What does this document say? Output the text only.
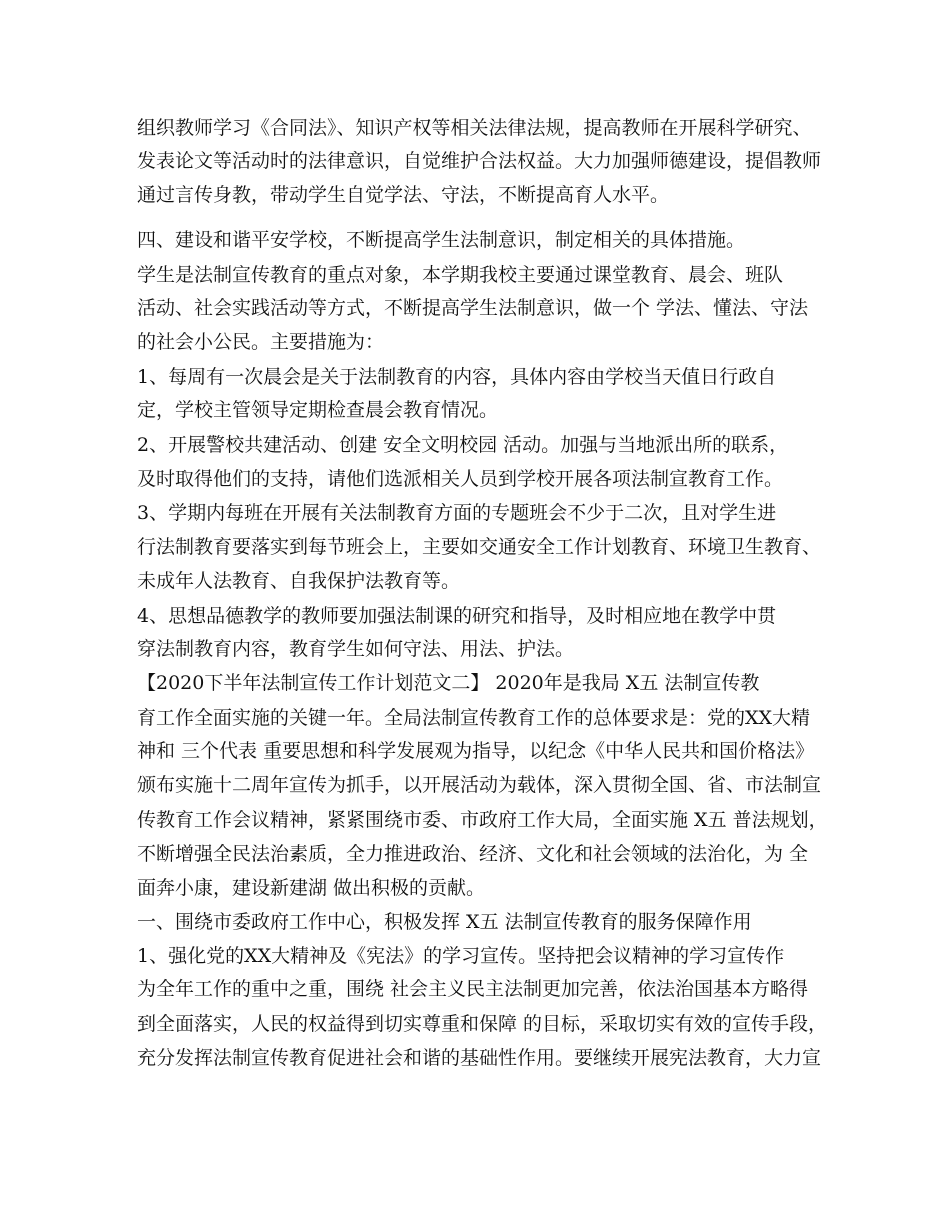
组织教师学习《合同法》、知识产权等相关法律法规，提高教师在开展科学研究、
发表论文等活动时的法律意识，自觉维护合法权益。大力加强师德建设，提倡教师
通过言传身教，带动学生自觉学法、守法，不断提高育人水平。
四、建设和谐平安学校，不断提高学生法制意识，制定相关的具体措施。
学生是法制宣传教育的重点对象，本学期我校主要通过课堂教育、晨会、班队
活动、社会实践活动等方式，不断提高学生法制意识，做一个 学法、懂法、守法
的社会小公民。主要措施为：
1、每周有一次晨会是关于法制教育的内容，具体内容由学校当天值日行政自
定，学校主管领导定期检查晨会教育情况。
2、开展警校共建活动、创建 安全文明校园 活动。加强与当地派出所的联系，
及时取得他们的支持，请他们选派相关人员到学校开展各项法制宣教育工作。
3、学期内每班在开展有关法制教育方面的专题班会不少于二次，且对学生进
行法制教育要落实到每节班会上，主要如交通安全工作计划教育、环境卫生教育、
未成年人法教育、自我保护法教育等。
4、思想品德教学的教师要加强法制课的研究和指导，及时相应地在教学中贯
穿法制教育内容，教育学生如何守法、用法、护法。
【2020下半年法制宣传工作计划范文二】 2020年是我局 X五 法制宣传教
育工作全面实施的关键一年。全局法制宣传教育工作的总体要求是：党的XX大精
神和 三个代表 重要思想和科学发展观为指导，以纪念《中华人民共和国价格法》
颁布实施十二周年宣传为抓手，以开展活动为载体，深入贯彻全国、省、市法制宣
传教育工作会议精神，紧紧围绕市委、市政府工作大局，全面实施 X五 普法规划，
不断增强全民法治素质，全力推进政治、经济、文化和社会领域的法治化，为 全
面奔小康，建设新建湖 做出积极的贡献。
一、围绕市委政府工作中心，积极发挥 X五 法制宣传教育的服务保障作用
1、强化党的XX大精神及《宪法》的学习宣传。坚持把会议精神的学习宣传作
为全年工作的重中之重，围绕 社会主义民主法制更加完善，依法治国基本方略得
到全面落实，人民的权益得到切实尊重和保障 的目标，采取切实有效的宣传手段，
充分发挥法制宣传教育促进社会和谐的基础性作用。要继续开展宪法教育，大力宣
